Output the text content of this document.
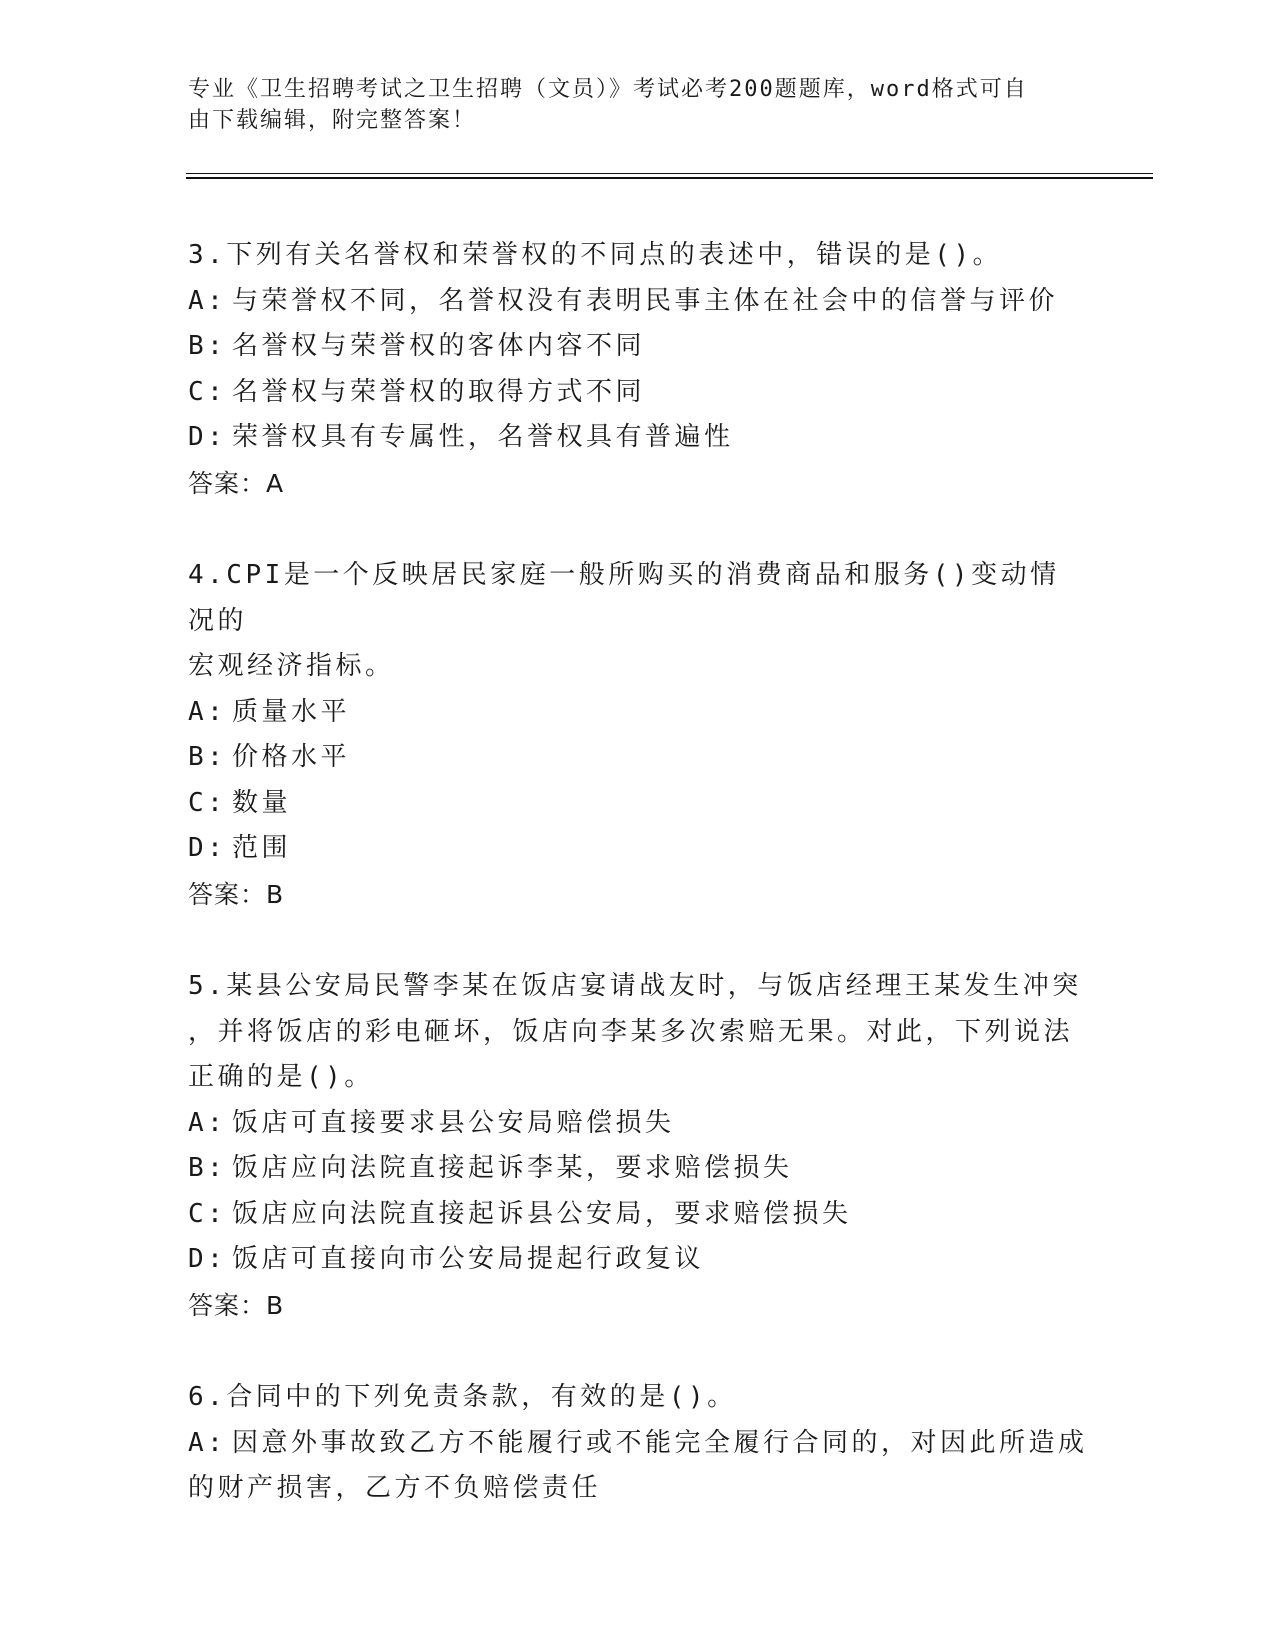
专业《卫生招聘考试之卫生招聘（文员）》考试必考200题题库，word格式可自
由下载编辑，附完整答案！
3.下列有关名誉权和荣誉权的不同点的表述中，错误的是()。
A: 与荣誉权不同，名誉权没有表明民事主体在社会中的信誉与评价
B: 名誉权与荣誉权的客体内容不同
C: 名誉权与荣誉权的取得方式不同
D: 荣誉权具有专属性，名誉权具有普遍性
答案：A
4.CPI是一个反映居民家庭一般所购买的消费商品和服务()变动情况的
宏观经济指标。
A: 质量水平
B: 价格水平
C: 数量
D: 范围
答案：B
5.某县公安局民警李某在饭店宴请战友时，与饭店经理王某发生冲突
，并将饭店的彩电砸坏，饭店向李某多次索赔无果。对此，下列说法
正确的是()。
A: 饭店可直接要求县公安局赔偿损失
B: 饭店应向法院直接起诉李某，要求赔偿损失
C: 饭店应向法院直接起诉县公安局，要求赔偿损失
D: 饭店可直接向市公安局提起行政复议
答案：B
6.合同中的下列免责条款，有效的是()。
A: 因意外事故致乙方不能履行或不能完全履行合同的，对因此所造成
的财产损害，乙方不负赔偿责任
